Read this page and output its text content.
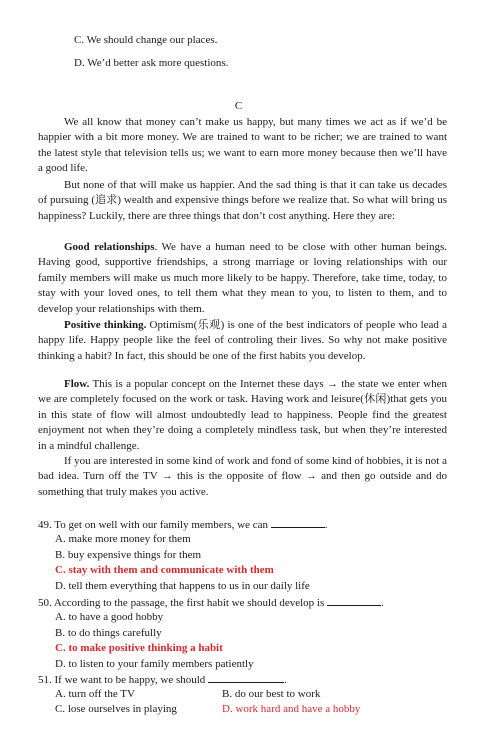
C. We should change our places.
D. We’d better ask more questions.
C
We all know that money can’t make us happy, but many times we act as if we’d be happier with a bit more money. We are trained to want to be richer; we are trained to want the latest style that television tells us; we want to earn more money because then we’ll have a good life.
But none of that will make us happier. And the sad thing is that it can take us decades of pursuing (追求) wealth and expensive things before we realize that. So what will bring us happiness? Luckily, there are three things that don’t cost anything. Here they are:
Good relationships. We have a human need to be close with other human beings. Having good, supportive friendships, a strong marriage or loving relationships with our family members will make us much more likely to be happy. Therefore, take time, today, to stay with your loved ones, to tell them what they mean to you, to listen to them, and to develop your relationships with them.
Positive thinking. Optimism(乐观) is one of the best indicators of people who lead a happy life. Happy people like the feel of controling their lives. So why not make positive thinking a habit? In fact, this should be one of the first habits you develop.
Flow. This is a popular concept on the Internet these days → the state we enter when we are completely focused on the work or task. Having work and leisure(休闲)that gets you in this state of flow will almost undoubtedly lead to happiness. People find the greatest enjoyment not when they’re doing a completely mindless task, but when they’re interested in a mindful challenge.
If you are interested in some kind of work and fond of some kind of hobbies, it is not a bad idea. Turn off the TV → this is the opposite of flow → and then go outside and do something that truly makes you active.
49. To get on well with our family members, we can	.
A. make more money for them
B. buy expensive things for them
C. stay with them and communicate with them
D. tell them everything that happens to us in our daily life
50. According to the passage, the first habit we should develop is	.
A. to have a good hobby
B. to do things carefully
C. to make positive thinking a habit
D. to listen to your family members patiently
51. If we want to be happy, we should	.
A. turn off the TV	B. do our best to work
C. lose ourselves in playing	D. work hard and have a hobby
